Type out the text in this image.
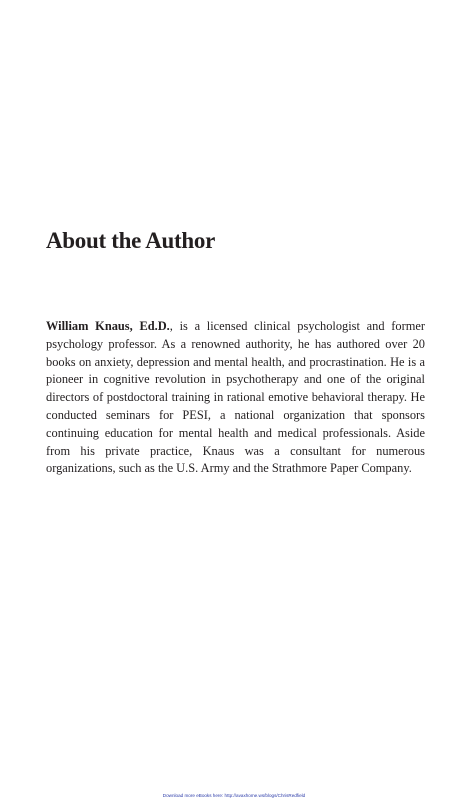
About the Author

William Knaus, Ed.D., is a licensed clinical psychologist and former psychology professor. As a renowned authority, he has authored over 20 books on anxiety, depression and mental health, and procrastination. He is a pioneer in cognitive revolution in psychotherapy and one of the original directors of postdoctoral training in rational emotive behavioral therapy. He conducted seminars for PESI, a national organization that sponsors continuing education for mental health and medical professionals. Aside from his private practice, Knaus was a consultant for numerous organizations, such as the U.S. Army and the Strathmore Paper Company.

Download more eBooks here: http://avaxhome.ws/blogs/ChrisRedfield
